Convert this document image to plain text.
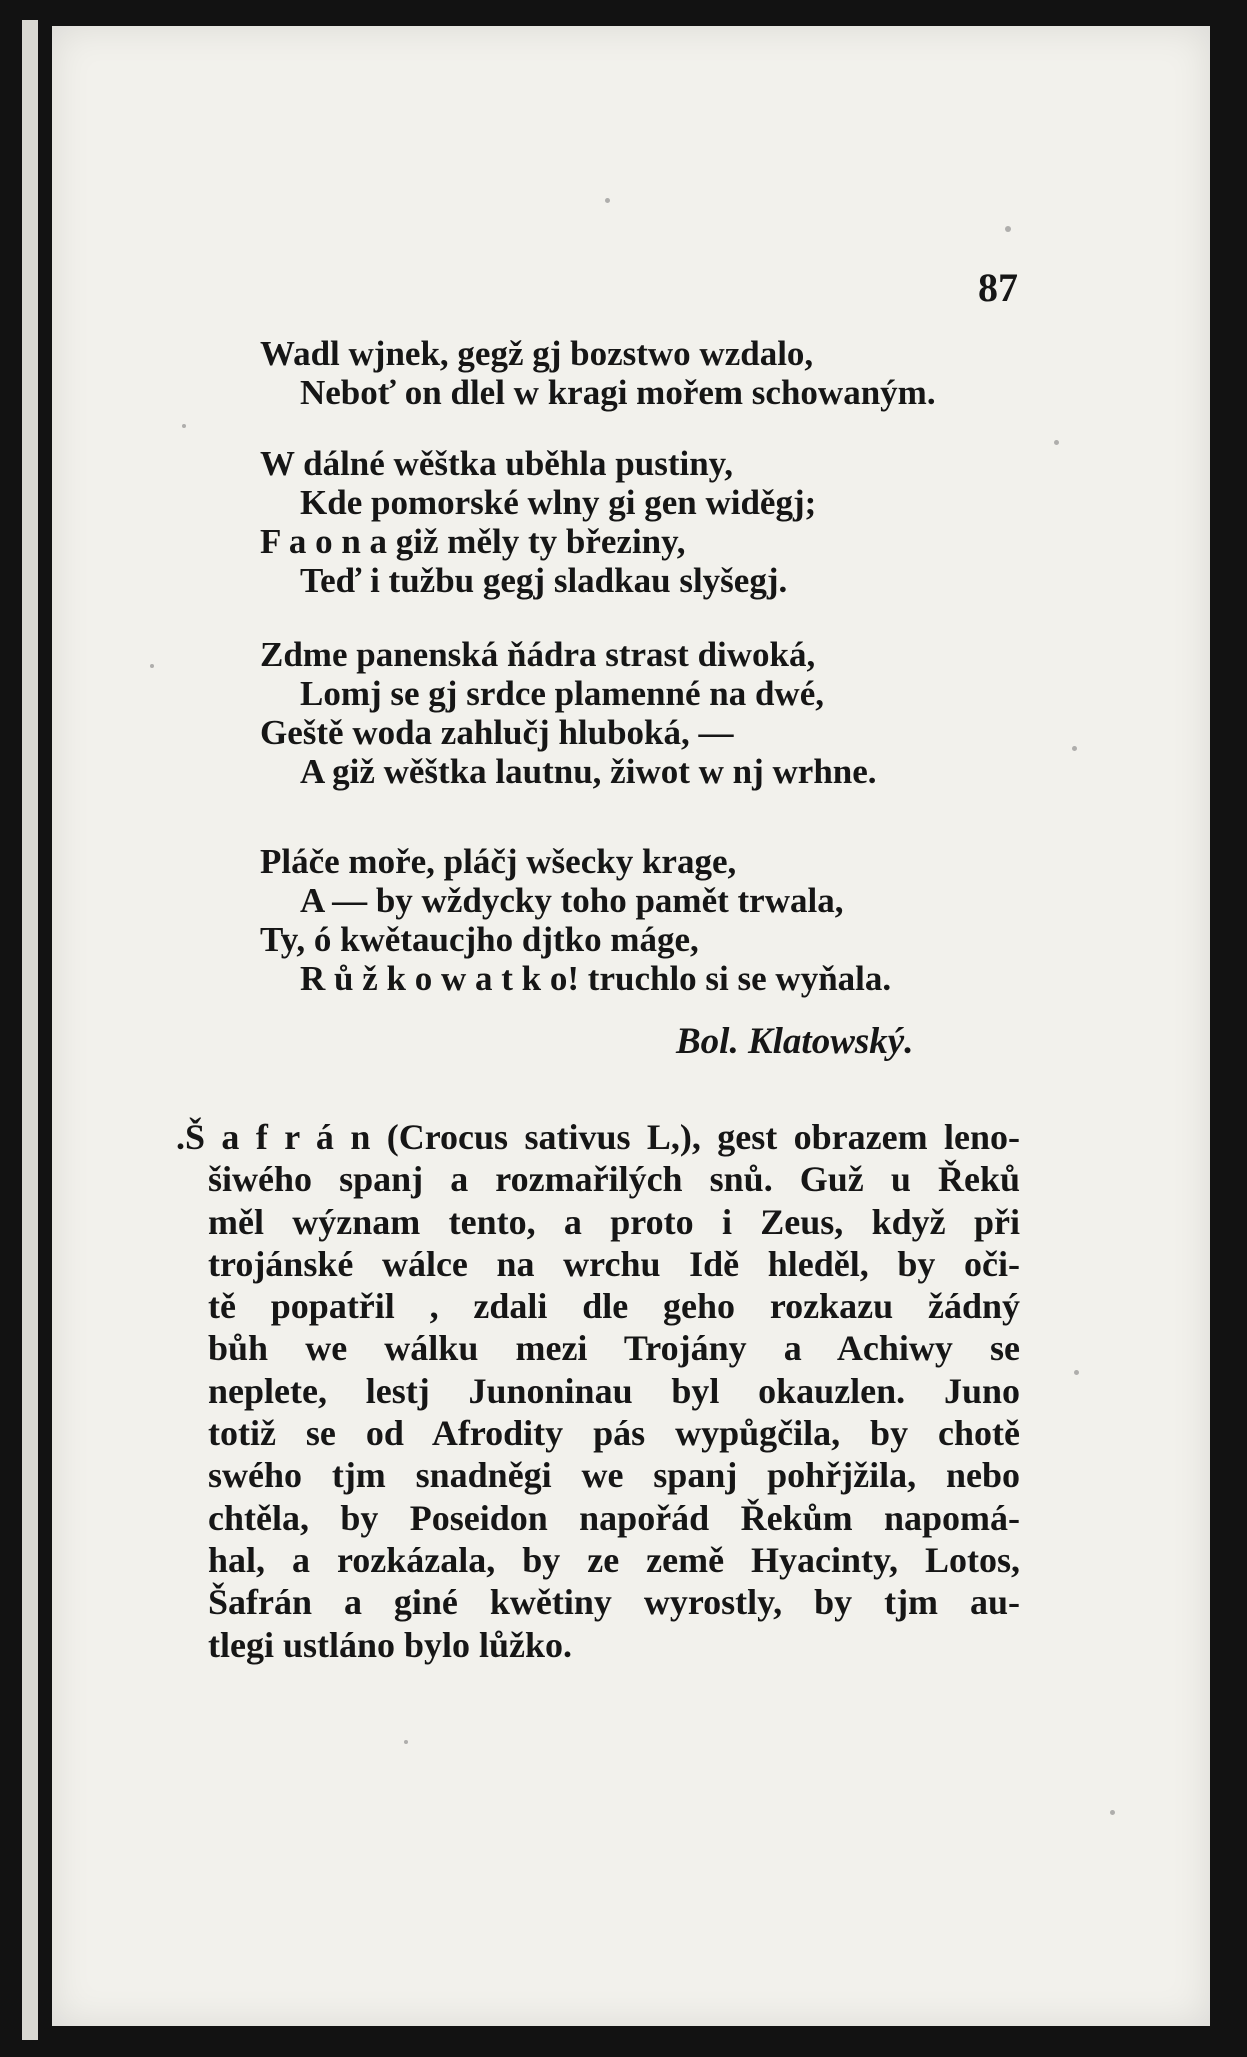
87
Wadl wjnek, gegž gj bozstwo wzdalo,
Neboť on dlel w kragi mořem schowaným.
W dálné wěštka uběhla pustiny,
Kde pomorské wlny gi gen widěgj;
F a o n a giž měly ty březiny,
Teď i tužbu gegj sladkau slyšegj.
Zdme panenská ňádra strast diwoká,
Lomj se gj srdce plamenné na dwé,
Geště woda zahlučj hluboká, —
A giž wěštka lautnu, žiwot w nj wrhne.
Pláče moře, pláčj wšecky krage,
A — by wždycky toho pamět trwala,
Ty, ó kwětaucjho djtko máge,
R ů ž k o w a t k o! truchlo si se wyňala.
Bol. Klatowský.
.Š a f r á n (Crocus sativus L,), gest obrazem leno-
šiwého spanj a rozmařilých snů. Guž u Řeků
měl wýznam tento, a proto i Zeus, když při
trojánské wálce na wrchu Idě hleděl, by oči-
tě popatřil , zdali dle geho rozkazu žádný
bůh we wálku mezi Trojány a Achiwy se
neplete, lestj Junoninau byl okauzlen. Juno
totiž se od Afrodity pás wypůgčila, by chotě
swého tjm snadněgi we spanj pohřjžila, nebo
chtěla, by Poseidon napořád Řekům napomá-
hal, a rozkázala, by ze země Hyacinty, Lotos,
Šafrán a giné kwětiny wyrostly, by tjm au-
tlegi ustláno bylo lůžko.
